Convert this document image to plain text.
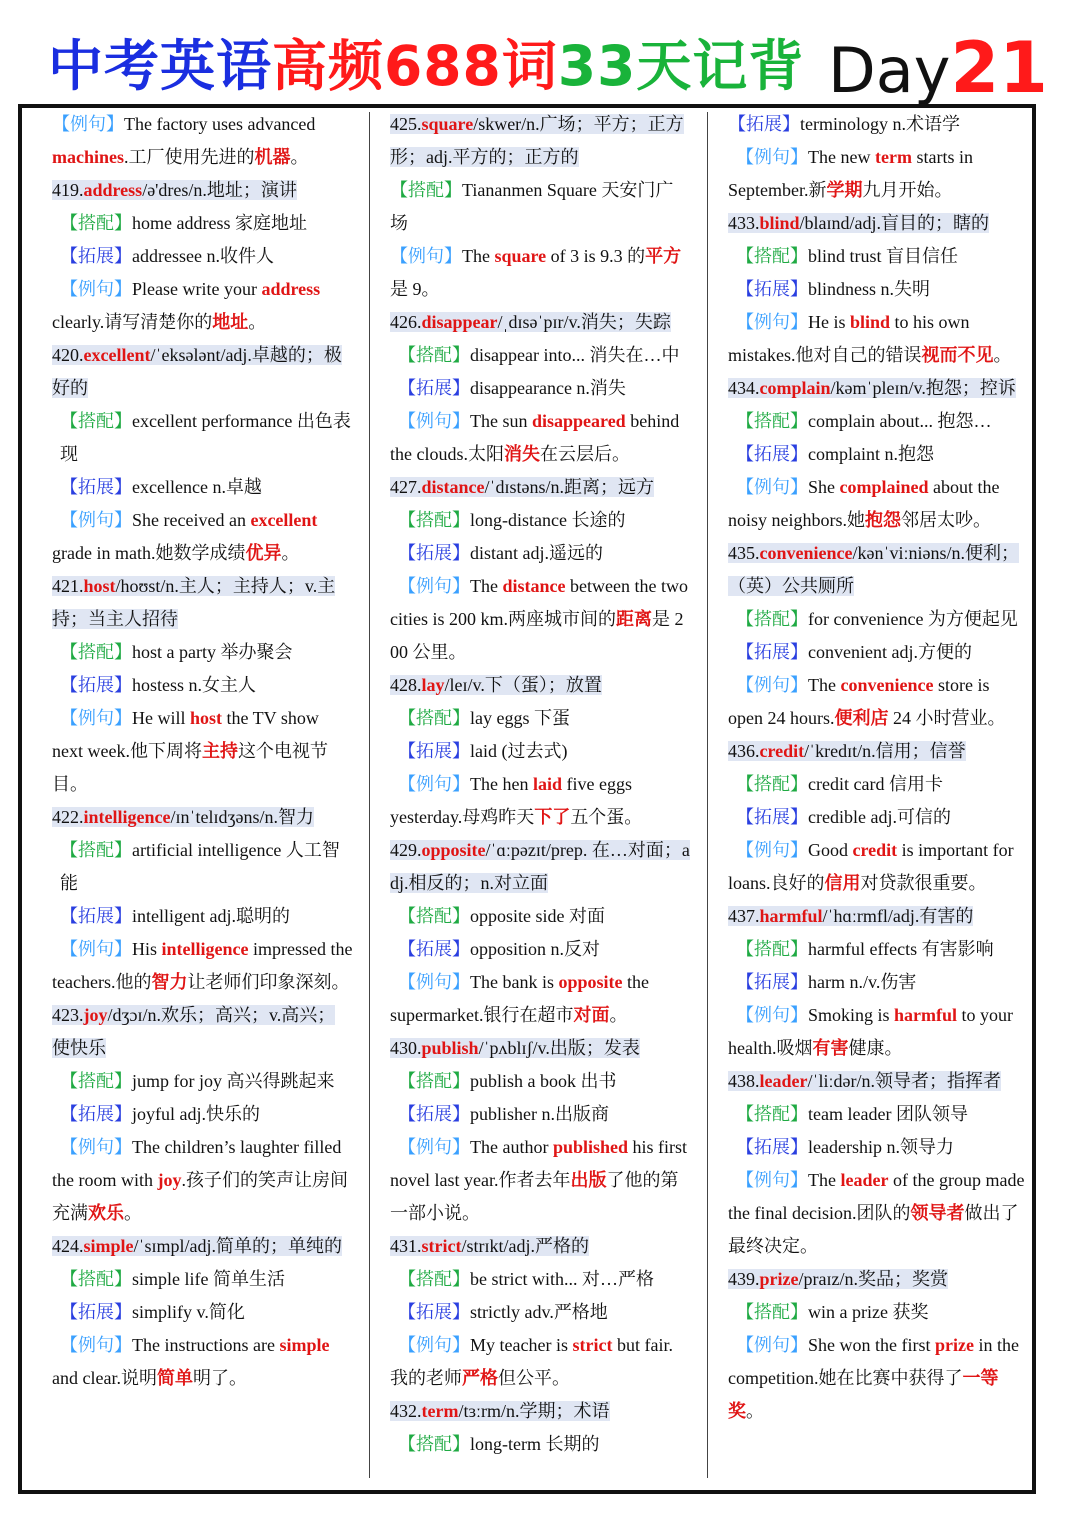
中考英语高频688词33天记背 Day21
【例句】The factory uses advanced
machines.工厂使用先进的机器。
419.address/ə'dres/n.地址；演讲
【搭配】home address 家庭地址
【拓展】addressee n.收件人
【例句】Please write your address
clearly.请写清楚你的地址。
420.excellent/ˈeksələnt/adj.卓越的；极好的
【搭配】excellent performance 出色表现
【拓展】excellence n.卓越
【例句】She received an excellent
grade in math.她数学成绩优异。
421.host/hoʊst/n.主人；主持人；v.主持；当主人招待
【搭配】host a party 举办聚会
【拓展】hostess n.女主人
【例句】He will host the TV show
next week.他下周将主持这个电视节目。
422.intelligence/ɪnˈtelɪdʒəns/n.智力
【搭配】artificial intelligence 人工智能
【拓展】intelligent adj.聪明的
【例句】His intelligence impressed the
teachers.他的智力让老师们印象深刻。
423.joy/dʒɔɪ/n.欢乐；高兴；v.高兴；使快乐
【搭配】jump for joy 高兴得跳起来
【拓展】joyful adj.快乐的
【例句】The children’s laughter filled
the room with joy.孩子们的笑声让房间充满欢乐。
424.simple/ˈsɪmpl/adj.简单的；单纯的
【搭配】simple life 简单生活
【拓展】simplify v.简化
【例句】The instructions are simple
and clear.说明简单明了。
425.square/skwer/n.广场；平方；正方形；adj.平方的；正方的
【搭配】Tiananmen Square 天安门广场
【例句】The square of 3 is 9.3 的平方是 9。
426.disappear/ˌdɪsəˈpɪr/v.消失；失踪
【搭配】disappear into... 消失在…中
【拓展】disappearance n.消失
【例句】The sun disappeared behind
the clouds.太阳消失在云层后。
427.distance/ˈdɪstəns/n.距离；远方
【搭配】long-distance 长途的
【拓展】distant adj.遥远的
【例句】The distance between the two
cities is 200 km.两座城市间的距离是 200 公里。
428.lay/leɪ/v.下（蛋）；放置
【搭配】lay eggs 下蛋
【拓展】laid (过去式)
【例句】The hen laid five eggs
yesterday.母鸡昨天下了五个蛋。
429.opposite/ˈɑːpəzɪt/prep. 在…对面；adj.相反的；n.对立面
【搭配】opposite side 对面
【拓展】opposition n.反对
【例句】The bank is opposite the
supermarket.银行在超市对面。
430.publish/ˈpʌblɪʃ/v.出版；发表
【搭配】publish a book 出书
【拓展】publisher n.出版商
【例句】The author published his first
novel last year.作者去年出版了他的第一部小说。
431.strict/strɪkt/adj.严格的
【搭配】be strict with... 对…严格
【拓展】strictly adv.严格地
【例句】My teacher is strict but fair.
我的老师严格但公平。
432.term/tɜːrm/n.学期；术语
【搭配】long-term 长期的
【拓展】terminology n.术语学
【例句】The new term starts in
September.新学期九月开始。
433.blind/blaɪnd/adj.盲目的；瞎的
【搭配】blind trust 盲目信任
【拓展】blindness n.失明
【例句】He is blind to his own
mistakes.他对自己的错误视而不见。
434.complain/kəmˈpleɪn/v.抱怨；控诉
【搭配】complain about... 抱怨…
【拓展】complaint n.抱怨
【例句】She complained about the
noisy neighbors.她抱怨邻居太吵。
435.convenience/kənˈviːniəns/n.便利；（英）公共厕所
【搭配】for convenience 为方便起见
【拓展】convenient adj.方便的
【例句】The convenience store is
open 24 hours.便利店 24 小时营业。
436.credit/ˈkredɪt/n.信用；信誉
【搭配】credit card 信用卡
【拓展】credible adj.可信的
【例句】Good credit is important for
loans.良好的信用对贷款很重要。
437.harmful/ˈhɑːrmfl/adj.有害的
【搭配】harmful effects 有害影响
【拓展】harm n./v.伤害
【例句】Smoking is harmful to your
health.吸烟有害健康。
438.leader/ˈliːdər/n.领导者；指挥者
【搭配】team leader 团队领导
【拓展】leadership n.领导力
【例句】The leader of the group made
the final decision.团队的领导者做出了最终决定。
439.prize/praɪz/n.奖品；奖赏
【搭配】win a prize 获奖
【例句】She won the first prize in the
competition.她在比赛中获得了一等奖。
